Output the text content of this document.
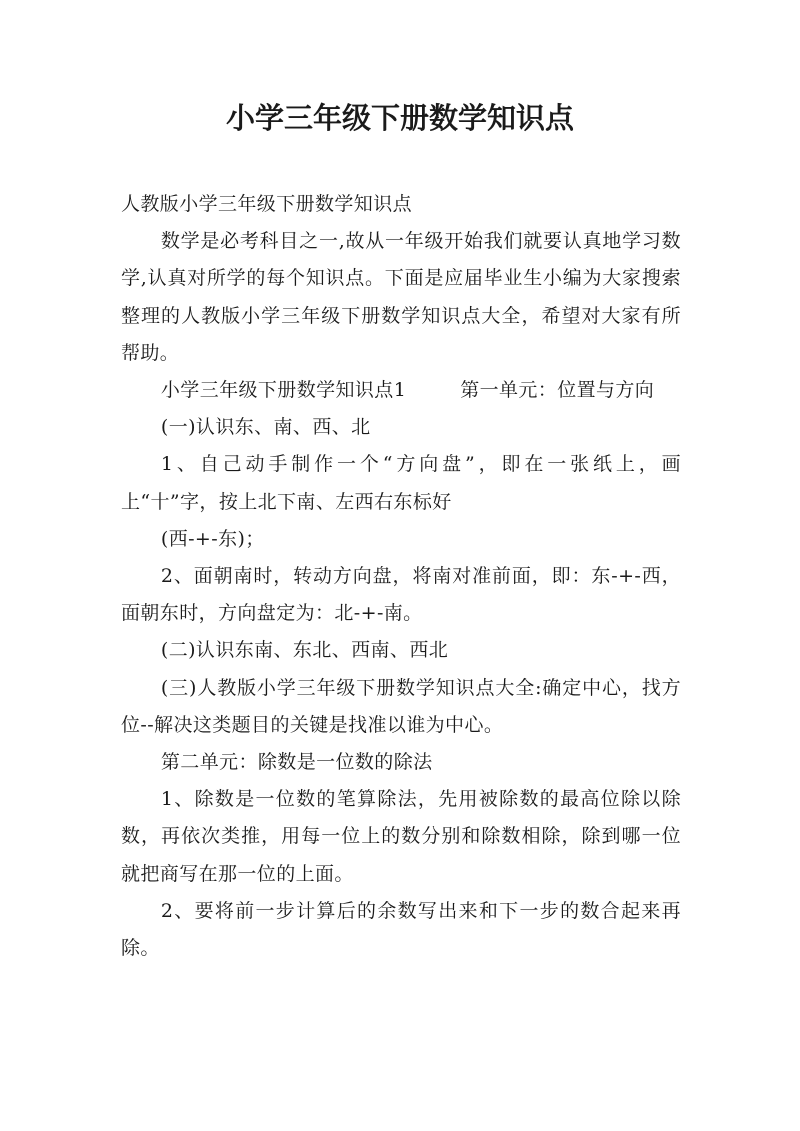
小学三年级下册数学知识点

人教版小学三年级下册数学知识点

数学是必考科目之一,故从一年级开始我们就要认真地学习数学,认真对所学的每个知识点。下面是应届毕业生小编为大家搜索整理的人教版小学三年级下册数学知识点大全，希望对大家有所帮助。

小学三年级下册数学知识点1	第一单元：位置与方向

(一)认识东、南、西、北

1、自己动手制作一个“方向盘”，即在一张纸上，画上“十”字，按上北下南、左西右东标好

(西-+-东)；

2、面朝南时，转动方向盘，将南对准前面，即：东-+-西，面朝东时，方向盘定为：北-+-南。

(二)认识东南、东北、西南、西北

(三)人教版小学三年级下册数学知识点大全:确定中心，找方位--解决这类题目的关键是找准以谁为中心。

第二单元：除数是一位数的除法

1、除数是一位数的笔算除法，先用被除数的最高位除以除数，再依次类推，用每一位上的数分别和除数相除，除到哪一位就把商写在那一位的上面。

2、要将前一步计算后的余数写出来和下一步的数合起来再除。
